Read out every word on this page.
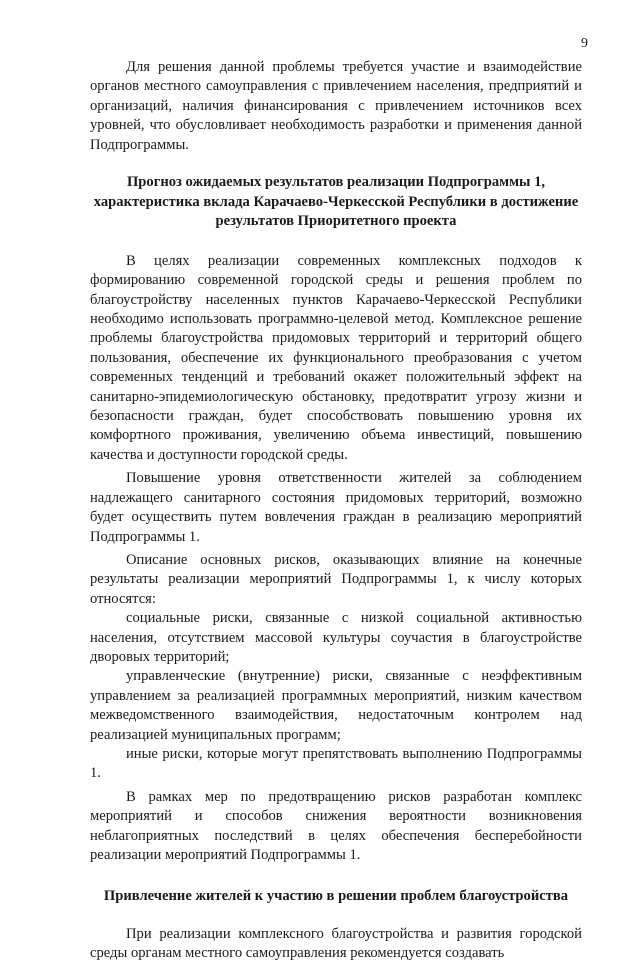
9

Для решения данной проблемы требуется участие и взаимодействие органов местного самоуправления с привлечением населения, предприятий и организаций, наличия финансирования с привлечением источников всех уровней, что обусловливает необходимость разработки и применения данной Подпрограммы.

Прогноз ожидаемых результатов реализации Подпрограммы 1, характеристика вклада Карачаево-Черкесской Республики в достижение результатов Приоритетного проекта

В целях реализации современных комплексных подходов к формированию современной городской среды и решения проблем по благоустройству населенных пунктов Карачаево-Черкесской Республики необходимо использовать программно-целевой метод. Комплексное решение проблемы благоустройства придомовых территорий и территорий общего пользования, обеспечение их функционального преобразования с учетом современных тенденций и требований окажет положительный эффект на санитарно-эпидемиологическую обстановку, предотвратит угрозу жизни и безопасности граждан, будет способствовать повышению уровня их комфортного проживания, увеличению объема инвестиций, повышению качества и доступности городской среды.

Повышение уровня ответственности жителей за соблюдением надлежащего санитарного состояния придомовых территорий, возможно будет осуществить путем вовлечения граждан в реализацию мероприятий Подпрограммы 1.

Описание основных рисков, оказывающих влияние на конечные результаты реализации мероприятий Подпрограммы 1, к числу которых относятся:

социальные риски, связанные с низкой социальной активностью населения, отсутствием массовой культуры соучастия в благоустройстве дворовых территорий;

управленческие (внутренние) риски, связанные с неэффективным управлением за реализацией программных мероприятий, низким качеством межведомственного взаимодействия, недостаточным контролем над реализацией муниципальных программ;

иные риски, которые могут препятствовать выполнению Подпрограммы 1.

В рамках мер по предотвращению рисков разработан комплекс мероприятий и способов снижения вероятности возникновения неблагоприятных последствий в целях обеспечения бесперебойности реализации мероприятий Подпрограммы 1.

Привлечение жителей к участию в решении проблем благоустройства

При реализации комплексного благоустройства и развития городской среды органам местного самоуправления рекомендуется создавать
